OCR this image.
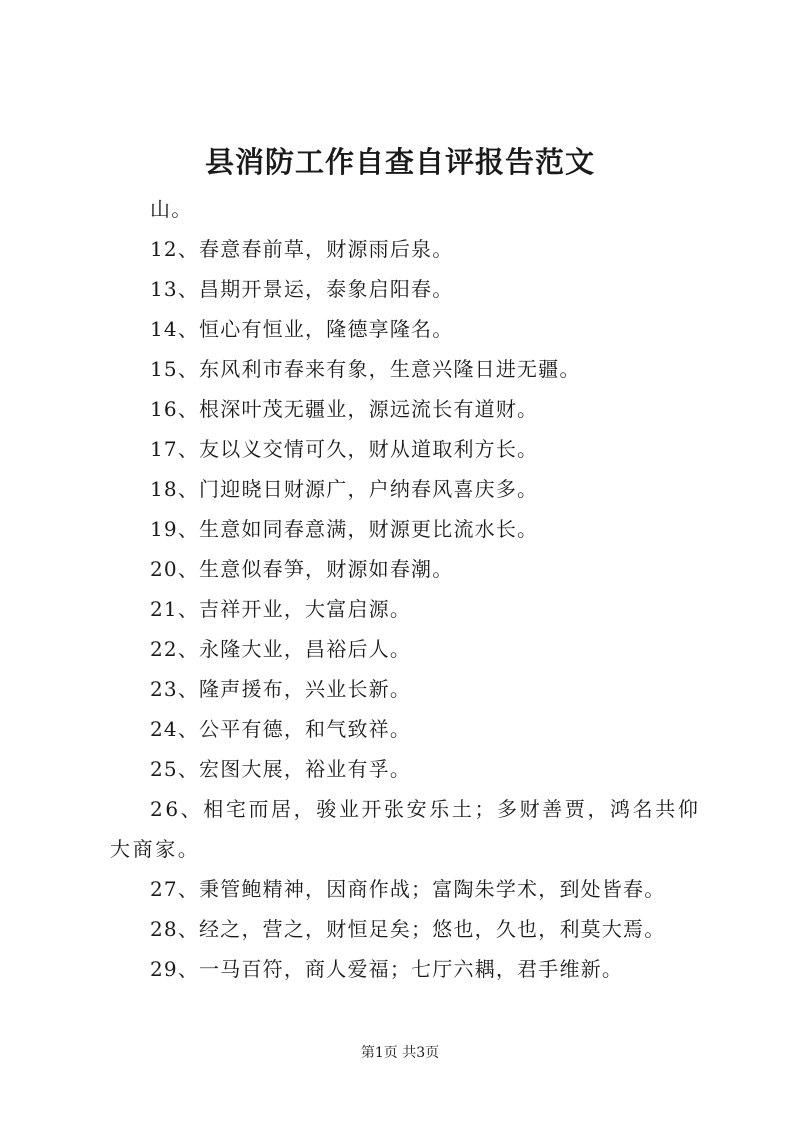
县消防工作自查自评报告范文

山。

12、春意春前草，财源雨后泉。

13、昌期开景运，泰象启阳春。

14、恒心有恒业，隆德享隆名。

15、东风利市春来有象，生意兴隆日进无疆。

16、根深叶茂无疆业，源远流长有道财。

17、友以义交情可久，财从道取利方长。

18、门迎晓日财源广，户纳春风喜庆多。

19、生意如同春意满，财源更比流水长。

20、生意似春笋，财源如春潮。

21、吉祥开业，大富启源。

22、永隆大业，昌裕后人。

23、隆声援布，兴业长新。

24、公平有德，和气致祥。

25、宏图大展，裕业有孚。

26、相宅而居，骏业开张安乐土；多财善贾，鸿名共仰大商家。

27、秉管鲍精神，因商作战；富陶朱学术，到处皆春。

28、经之，营之，财恒足矣；悠也，久也，利莫大焉。

29、一马百符，商人爱福；七厅六耦，君手维新。

第1页 共3页
